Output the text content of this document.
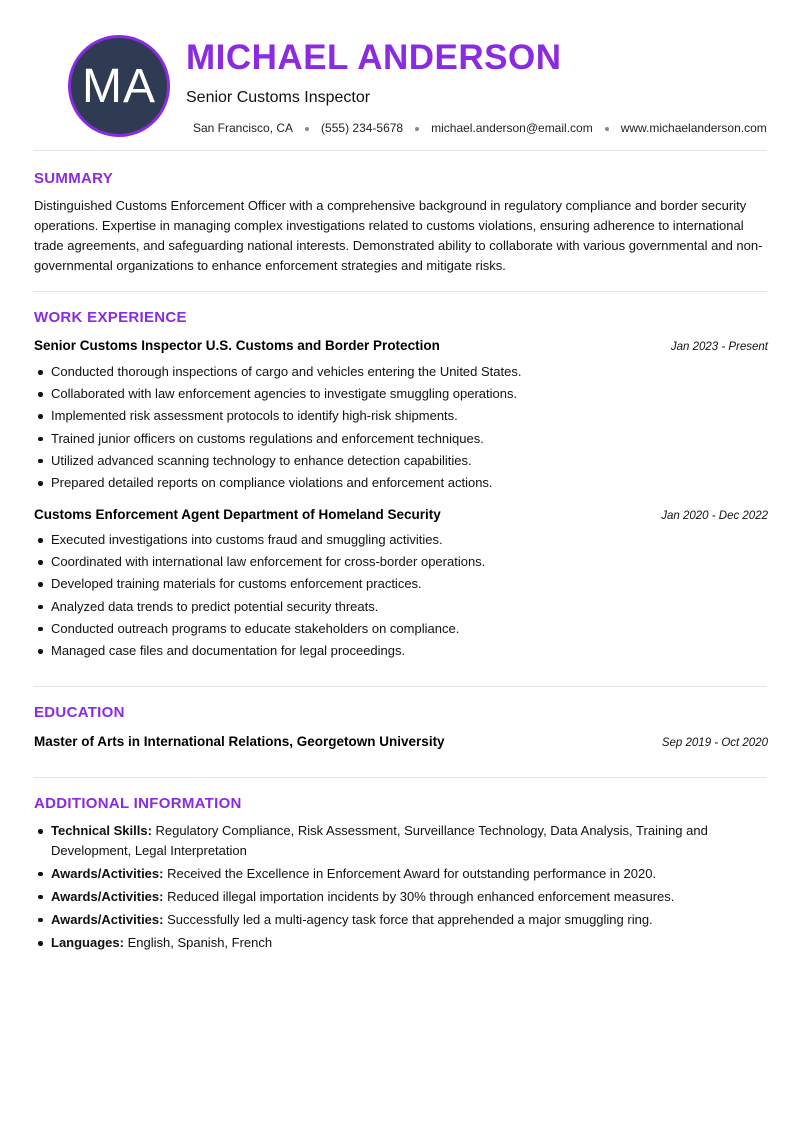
MA
MICHAEL ANDERSON
Senior Customs Inspector
San Francisco, CA (555) 234-5678 michael.anderson@email.com www.michaelanderson.com
SUMMARY
Distinguished Customs Enforcement Officer with a comprehensive background in regulatory compliance and border security operations. Expertise in managing complex investigations related to customs violations, ensuring adherence to international trade agreements, and safeguarding national interests. Demonstrated ability to collaborate with various governmental and non-governmental organizations to enhance enforcement strategies and mitigate risks.
WORK EXPERIENCE
Senior Customs Inspector U.S. Customs and Border Protection	Jan 2023 - Present
Conducted thorough inspections of cargo and vehicles entering the United States.
Collaborated with law enforcement agencies to investigate smuggling operations.
Implemented risk assessment protocols to identify high-risk shipments.
Trained junior officers on customs regulations and enforcement techniques.
Utilized advanced scanning technology to enhance detection capabilities.
Prepared detailed reports on compliance violations and enforcement actions.
Customs Enforcement Agent Department of Homeland Security	Jan 2020 - Dec 2022
Executed investigations into customs fraud and smuggling activities.
Coordinated with international law enforcement for cross-border operations.
Developed training materials for customs enforcement practices.
Analyzed data trends to predict potential security threats.
Conducted outreach programs to educate stakeholders on compliance.
Managed case files and documentation for legal proceedings.
EDUCATION
Master of Arts in International Relations, Georgetown University	Sep 2019 - Oct 2020
ADDITIONAL INFORMATION
Technical Skills: Regulatory Compliance, Risk Assessment, Surveillance Technology, Data Analysis, Training and Development, Legal Interpretation
Awards/Activities: Received the Excellence in Enforcement Award for outstanding performance in 2020.
Awards/Activities: Reduced illegal importation incidents by 30% through enhanced enforcement measures.
Awards/Activities: Successfully led a multi-agency task force that apprehended a major smuggling ring.
Languages: English, Spanish, French
